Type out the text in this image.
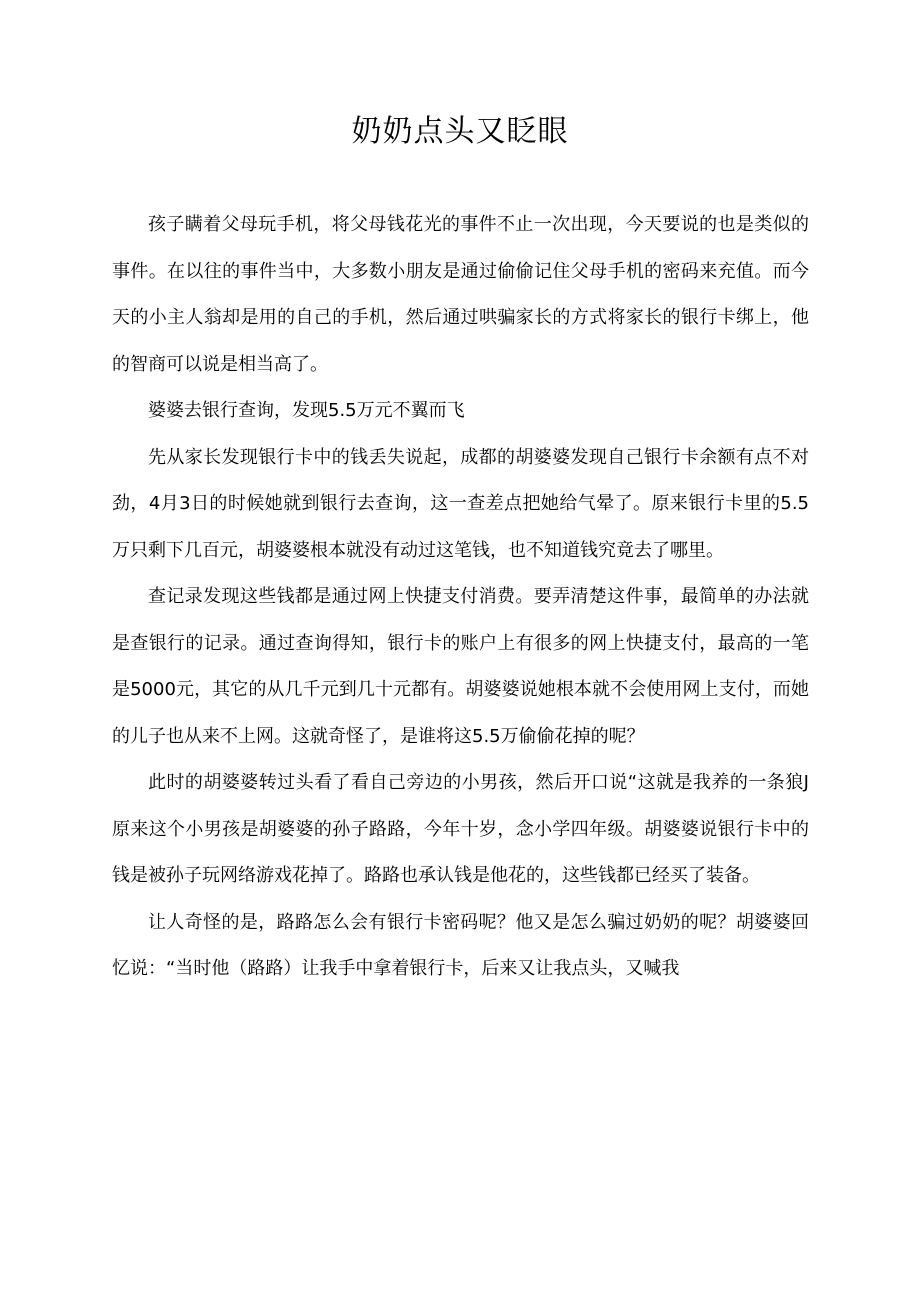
奶奶点头又眨眼

孩子瞒着父母玩手机，将父母钱花光的事件不止一次出现，今天要说的也是类似的事件。在以往的事件当中，大多数小朋友是通过偷偷记住父母手机的密码来充值。而今天的小主人翁却是用的自己的手机，然后通过哄骗家长的方式将家长的银行卡绑上，他的智商可以说是相当高了。

婆婆去银行查询，发现5.5万元不翼而飞

先从家长发现银行卡中的钱丢失说起，成都的胡婆婆发现自己银行卡余额有点不对劲，4月3日的时候她就到银行去查询，这一查差点把她给气晕了。原来银行卡里的5.5万只剩下几百元，胡婆婆根本就没有动过这笔钱，也不知道钱究竟去了哪里。

查记录发现这些钱都是通过网上快捷支付消费。要弄清楚这件事，最简单的办法就是查银行的记录。通过查询得知，银行卡的账户上有很多的网上快捷支付，最高的一笔是5000元，其它的从几千元到几十元都有。胡婆婆说她根本就不会使用网上支付，而她的儿子也从来不上网。这就奇怪了，是谁将这5.5万偷偷花掉的呢？

此时的胡婆婆转过头看了看自己旁边的小男孩，然后开口说“这就是我养的一条狼J原来这个小男孩是胡婆婆的孙子路路，今年十岁，念小学四年级。胡婆婆说银行卡中的钱是被孙子玩网络游戏花掉了。路路也承认钱是他花的，这些钱都已经买了装备。

让人奇怪的是，路路怎么会有银行卡密码呢？他又是怎么骗过奶奶的呢？胡婆婆回忆说：“当时他（路路）让我手中拿着银行卡，后来又让我点头，又喊我
